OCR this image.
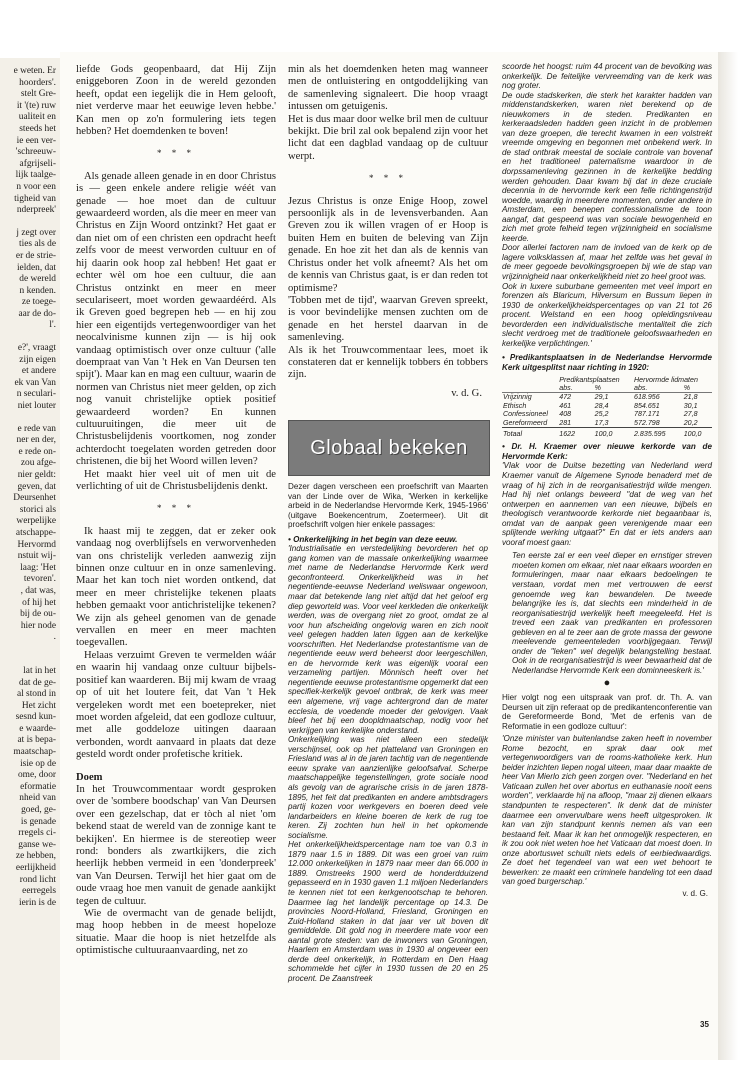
e weten. Er
hoorders'.
stelt Gre-
it '(te) ruw
ualiteit en
steeds het
ie een ver-
'schreeuw-
afgrijseli-
lijk taalge-
n voor een
tigheid van
nderpreek'
j zegt over
ties als de
er de strie-
ielden, dat
de wereld
n kenden.
ze toege-
aar de do-
l'.
e?', vraagt
zijn eigen
et andere
ek van Van
n seculari-
niet louter
e rede van
ner en der,
e rede on-
zou afge-
nier geldt:
geven, dat
Deursenhet
storici als
werpelijke
atschappe-
Hervormd
nstuit wij-
laag: 'Het
tevoren'.
, dat was,
of hij het
bij de ou-
hier node
.
lat in het
dat de ge-
al stond in
Het zicht
sesnd kun-
e waarde-
at is bepa-
maatschap-
isie op de
ome, door
eformatie
nheid van
goed, ge-
is genade
rregels ci-
ganse we-
ze hebben,
eerlijkheid
rond licht
eerregels
ierin is de

liefde Gods geopenbaard, dat Hij Zijn eniggeboren Zoon in de wereld gezonden heeft, opdat een iegelijk die in Hem gelooft, niet verderve maar het eeuwige leven hebbe.' Kan men op zo'n formulering iets tegen hebben? Het doemdenken te boven!

* * *

Als genade alleen genade in en door Christus is — geen enkele andere religie wéét van genade — hoe moet dan de cultuur gewaardeerd worden, als die meer en meer van Christus en Zijn Woord ontzinkt? Het gaat er dan niet om of een christen een opdracht heeft zelfs voor de meest verworden cultuur en of hij daarin ook hoop zal hebben! Het gaat er echter wèl om hoe een cultuur, die aan Christus ontzinkt en meer en meer seculariseert, moet worden gewaardéérd. Als ik Greven goed begrepen heb — en hij zou hier een eigentijds vertegenwoordiger van het neocalvinisme kunnen zijn — is hij ook vandaag optimistisch over onze cultuur ('alle doempraat van Van 't Hek en Van Deursen ten spijt'). Maar kan en mag een cultuur, waarin de normen van Christus niet meer gelden, op zich nog vanuit christelijke optiek positief gewaardeerd worden? En kunnen cultuuruitingen, die meer uit de Christusbelijdenis voortkomen, nog zonder achterdocht toegelaten worden getreden door christenen, die bij het Woord willen leven?

Het maakt hier veel uit of men uit de verlichting of uit de Christusbelijdenis denkt.

* * *

Ik haast mij te zeggen, dat er zeker ook vandaag nog overblijfsels en verworvenheden van ons christelijk verleden aanwezig zijn binnen onze cultuur en in onze samenleving. Maar het kan toch niet worden ontkend, dat meer en meer christelijke tekenen plaats hebben gemaakt voor antichristelijke tekenen? We zijn als geheel genomen van de genade vervallen en meer en meer machten toegevallen.

Helaas verzuimt Greven te vermelden wáár en waarin hij vandaag onze cultuur bijbels-positief kan waarderen. Bij mij kwam de vraag op of uit het loutere feit, dat Van 't Hek vergeleken wordt met een boeteprеker, niet moet worden afgeleid, dat een godloze cultuur, met alle goddeloze uitingen daaraan verbonden, wordt aanvaard in plaats dat deze gesteld wordt onder profetische kritiek.

Doem

In het Trouwcommentaar wordt gesproken over de 'sombere boodschap' van Van Deursen over een gezelschap, dat er tòch al niet 'om bekend staat de wereld van de zonnige kant te bekijken'. En hiermee is de stereotiep weer rond: bonders als zwartkijkers, die zich heerlijk hebben vermeid in een 'donderpreek' van Van Deursen. Terwijl het hier gaat om de oude vraag hoe men vanuit de genade aankijkt tegen de cultuur.

Wie de overmacht van de genade belijdt, mag hoop hebben in de meest hopeloze situatie. Maar die hoop is niet hetzelfde als optimistische cultuuraanvaarding, net zo

min als het doemdenken heten mag wanneer men de ontluistering en ontgoddelijking van de samenleving signaleert. Die hoop vraagt intussen om getuigenis.

Het is dus maar door welke bril men de cultuur bekijkt. Die bril zal ook bepalend zijn voor het licht dat een dagblad vandaag op de cultuur werpt.

* * *

Jezus Christus is onze Enige Hoop, zowel persoonlijk als in de levensverbanden. Aan Greven zou ik willen vragen of er Hoop is buiten Hem en buiten de beleving van Zijn genade. En hoe zit het dan als de kennis van Christus onder het volk afneemt? Als het om de kennis van Christus gaat, is er dan reden tot optimisme?

'Tobben met de tijd', waarvan Greven spreekt, is voor bevindelijke mensen zuchten om de genade en het herstel daarvan in de samenleving.

Als ik het Trouwcommentaar lees, moet ik constateren dat er kennelijk tobbers én tobbers zijn.

v. d. G.
Globaal bekeken

Dezer dagen verscheen een proefschrift van Maarten van der Linde over de Wika, 'Werken in kerkelijke arbeid in de Nederlandse Hervormde Kerk, 1945-1966' (uitgave Boekencentrum, Zoetermeer). Uit dit proefschrift volgen hier enkele passages:

• Onkerkelijking in het begin van deze eeuw.

'Industrialisatie en verstedelijking bevorderen het op gang komen van de massale onkerkelijking waarmee met name de Nederlandse Hervormde Kerk werd geconfronteerd. Onkerkelijkheid was in het negentiende-eeuwse Nederland weliswaar ongewoon, maar dat betekende lang niet altijd dat het geloof erg diep geworteld was. Voor veel kerkleden die onkerkelijk werden, was de overgang niet zo groot, omdat ze al voor hun afscheiding ongelovig waren en zich nooit veel gelegen hadden laten liggen aan de kerkelijke voorschriften. Het Nederlandse protestantisme van de negentiende eeuw werd beheerst door leergeschillen, en de hervormde kerk was eigenlijk vooral een verzameling partijen. Mönnisch heeft over het negentiende eeuwse protestantisme opgemerkt dat een specifiek-kerkelijk gevoel ontbrak, de kerk was meer een algemene, vrij vage achtergrond dan de mater ecclesia, de voedende moeder der gelovigen. Vaak bleef het bij een doopldmaatschap, nodig voor het verkrijgen van kerkelijke onderstand.

Onkerkelijking was niet alleen een stedelijk verschijnsel, ook op het platteland van Groningen en Friesland was al in de jaren tachtig van de negentiende eeuw sprake van aanzienlijke geloofsafval. Scherpe maatschappelijke tegenstellingen, grote sociale nood als gevolg van de agrarische crisis in de jaren 1878-1895, het feit dat predikanten en andere ambtsdragers partij kozen voor werkgevers en boeren deed vele landarbeiders en kleine boeren de kerk de rug toe keren. Zij zochten hun heil in het opkomende socialisme.

Het onkerkelijkheidspercentage nam toe van 0.3 in 1879 naar 1.5 in 1889. Dit was een groei van ruim 12.000 onkerkelijken in 1879 naar meer dan 66.000 in 1889. Omstreeks 1900 werd de honderdduizend gepasseerd en in 1930 gaven 1.1 miljoen Nederlanders te kennen niet tot een kerkgenootschap te behoren. Daarmee lag het landelijk percentage op 14.3. De provincies Noord-Holland, Friesland, Groningen en Zuid-Holland staken in dat jaar ver uit boven dit gemiddelde. Dit gold nog in meerdere mate voor een aantal grote steden: van de inwoners van Groningen, Haarlem en Amsterdam was in 1930 al ongeveer een derde deel onkerkelijk, in Rotterdam en Den Haag schommelde het cijfer in 1930 tussen de 20 en 25 procent. De Zaanstreek

scoorde het hoogst: ruim 44 procent van de bevolking was onkerkelijk. De feitelijke vervreemding van de kerk was nog groter.

De oude stadskerken, die sterk het karakter hadden van middenstandskerken, waren niet berekend op de nieuwkomers in de steden. Predikanten en kerkeraadsleden hadden geen inzicht in de problemen van deze groepen, die terecht kwamen in een volstrekt vreemde omgeving en begonnen met onbekend werk. In de stad ontbrak meestal de sociale controle van bovenaf en het traditioneel paternalisme waardoor in de dorpssamenleving gezinnen in de kerkelijke bedding werden gehouden. Daar kwam bij dat in deze cruciale decennia in de hervormde kerk een felle richtingenstrijd woedde, waardig in meerdere momenten, onder andere in Amsterdam, een benepen confessionalisme de toon aangaf, dat gespeend was van sociale bewogenheid en zich met grote felheid tegen vrijzinnigheid en socialisme keerde.

Door allerlei factoren nam de invloed van de kerk op de lagere volksklassen af, maar het zelfde was het geval in de meer gegoede bevolkingsgroepen bij wie de stap van vrijzinnigheid naar onkerkelijkheid niet zo heel groot was.

Ook in luxere suburbane gemeenten met veel import en forenzen als Blaricum, Hilversum en Bussum liepen in 1930 de onkerkelijkheidspercentages op van 21 tot 26 procent. Welstand en een hoog opleidingsniveau bevorderden een individualistische mentaliteit die zich slecht verdroeg met de traditionele geloofswaarheden en kerkelijke verplichtingen.'

• Predikantsplaatsen in de Nederlandse Hervormde Kerk uitgesplitst naar richting in 1920:

	Predikantsplaatsen		Hervormde lidmaten	
	abs.	%	abs.	%
Vrijzinnig	472	29,1	618.956	21,8
Ethisch	461	28,4	854.651	30,1
Confessioneel	408	25,2	787.171	27,8
Gereformeerd	281	17,3	572.798	20,2
Totaal	1622	100,0	2.835.595	100,0

• Dr. H. Kraemer over nieuwe kerkorde van de Hervormde Kerk:

'Vlak voor de Duitse bezetting van Nederland werd Kraemer vanuit de Algemene Synode benaderd met de vraag of hij zich in de reorganisatiestrijd wilde mengen. Had hij niet onlangs beweerd "dat de weg van het ontwerpen en aannemen van een nieuwe, bijbels en theologisch verantwoorde kerkorde niet begaanbaar is, omdat van de aanpak geen verenigende maar een splijtende werking uitgaat?" En dat er iets anders aan vooraf moest gaan:

Ten eerste zal er een veel dieper en ernstiger streven moeten komen om elkaar, niet naar elkaars woorden en formuleringen, maar naar elkaars bedoelingen te verstaan, vordat men met vertrouwen de eerst genoemde weg kan bewandelen. De tweede belangrijke les is, dat slechts een minderheid in de reorganisatiestrijd werkelijk heeft meegeleefd. Het is treved een zaak van predikanten en professoren gebleven en al te zeer aan de grote massa der gewone meelevende gemeenteleden voorbijgegaan. Terwijl onder de "leken" wel degelijk belangstelling bestaat. Ook in de reorganisatiestrijd is weer bewaarheid dat de Nederlandse Hervormde Kerk een dominneeskerk is.'

●

Hier volgt nog een uitspraak van prof. dr. Th. A. van Deursen uit zijn referaat op de predikantenconferentie van de Gereformeerde Bond, 'Met de erfenis van de Reformatie in een godloze cultuur':

'Onze minister van buitenlandse zaken heeft in november Rome bezocht, en sprak daar ook met vertegenwoordigers van de rooms-katholieke kerk. Hun beider inzichten liepen nogal uiteen, maar daar maakte de heer Van Mierlo zich geen zorgen over. "Nederland en het Vaticaan zullen het over abortus en euthanasie nooit eens worden", verklaarde hij na afloop, "maar zij dienen elkaars standpunten te respecteren". Ik denk dat de minister daarmee een onvervulbare wens heeft uitgesproken. Ik kan van zijn standpunt kennis nemen als van een bestaand feit. Maar ik kan het onmogelijk respecteren, en ik zou ook niet weten hoe het Vaticaan dat moest doen. In onze abortuswet schuilt niets edels of eerbiedwaardigs. Ze doet het tegendeel van wat een wet behoort te bewerken: ze maakt een criminele handeling tot een daad van goed burgerschap.'

v. d. G.
35
